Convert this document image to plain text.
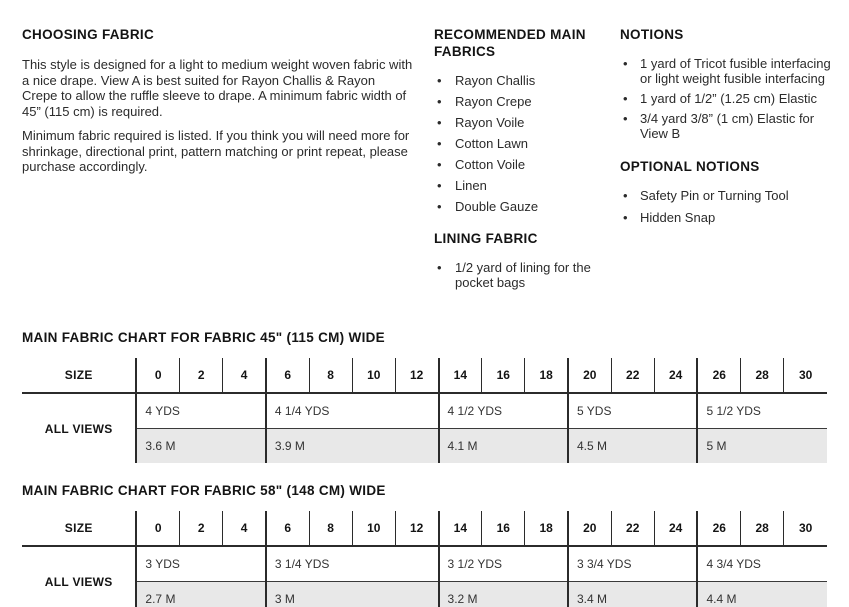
CHOOSING FABRIC

This style is designed for a light to medium weight woven fabric with a nice drape. View A is best suited for Rayon Challis & Rayon Crepe to allow the ruffle sleeve to drape. A minimum fabric width of 45” (115 cm) is required.

Minimum fabric required is listed. If you think you will need more for shrinkage, directional print, pattern matching or print repeat, please purchase accordingly.

RECOMMENDED MAIN FABRICS
• Rayon Challis
• Rayon Crepe
• Rayon Voile
• Cotton Lawn
• Cotton Voile
• Linen
• Double Gauze
LINING FABRIC
• 1/2 yard of lining for the pocket bags
NOTIONS
• 1 yard of Tricot fusible interfacing or light weight fusible interfacing
• 1 yard of 1/2” (1.25 cm) Elastic
• 3/4 yard 3/8” (1 cm) Elastic for View B
OPTIONAL NOTIONS
• Safety Pin or Turning Tool
• Hidden Snap
MAIN FABRIC CHART FOR FABRIC 45" (115 CM) WIDE
SIZE	0	2	4	6	8	10	12	14	16	18	20	22	24	26	28	30
ALL VIEWS	4 YDS			4 1/4 YDS				4 1/2 YDS			5 YDS			5 1/2 YDS		
	3.6 M			3.9 M				4.1 M			4.5 M			5 M		
MAIN FABRIC CHART FOR FABRIC 58" (148 CM) WIDE
SIZE	0	2	4	6	8	10	12	14	16	18	20	22	24	26	28	30
ALL VIEWS	3 YDS			3 1/4 YDS				3 1/2 YDS			3 3/4 YDS			4 3/4 YDS		
	2.7 M			3 M				3.2 M			3.4 M			4.4 M		
